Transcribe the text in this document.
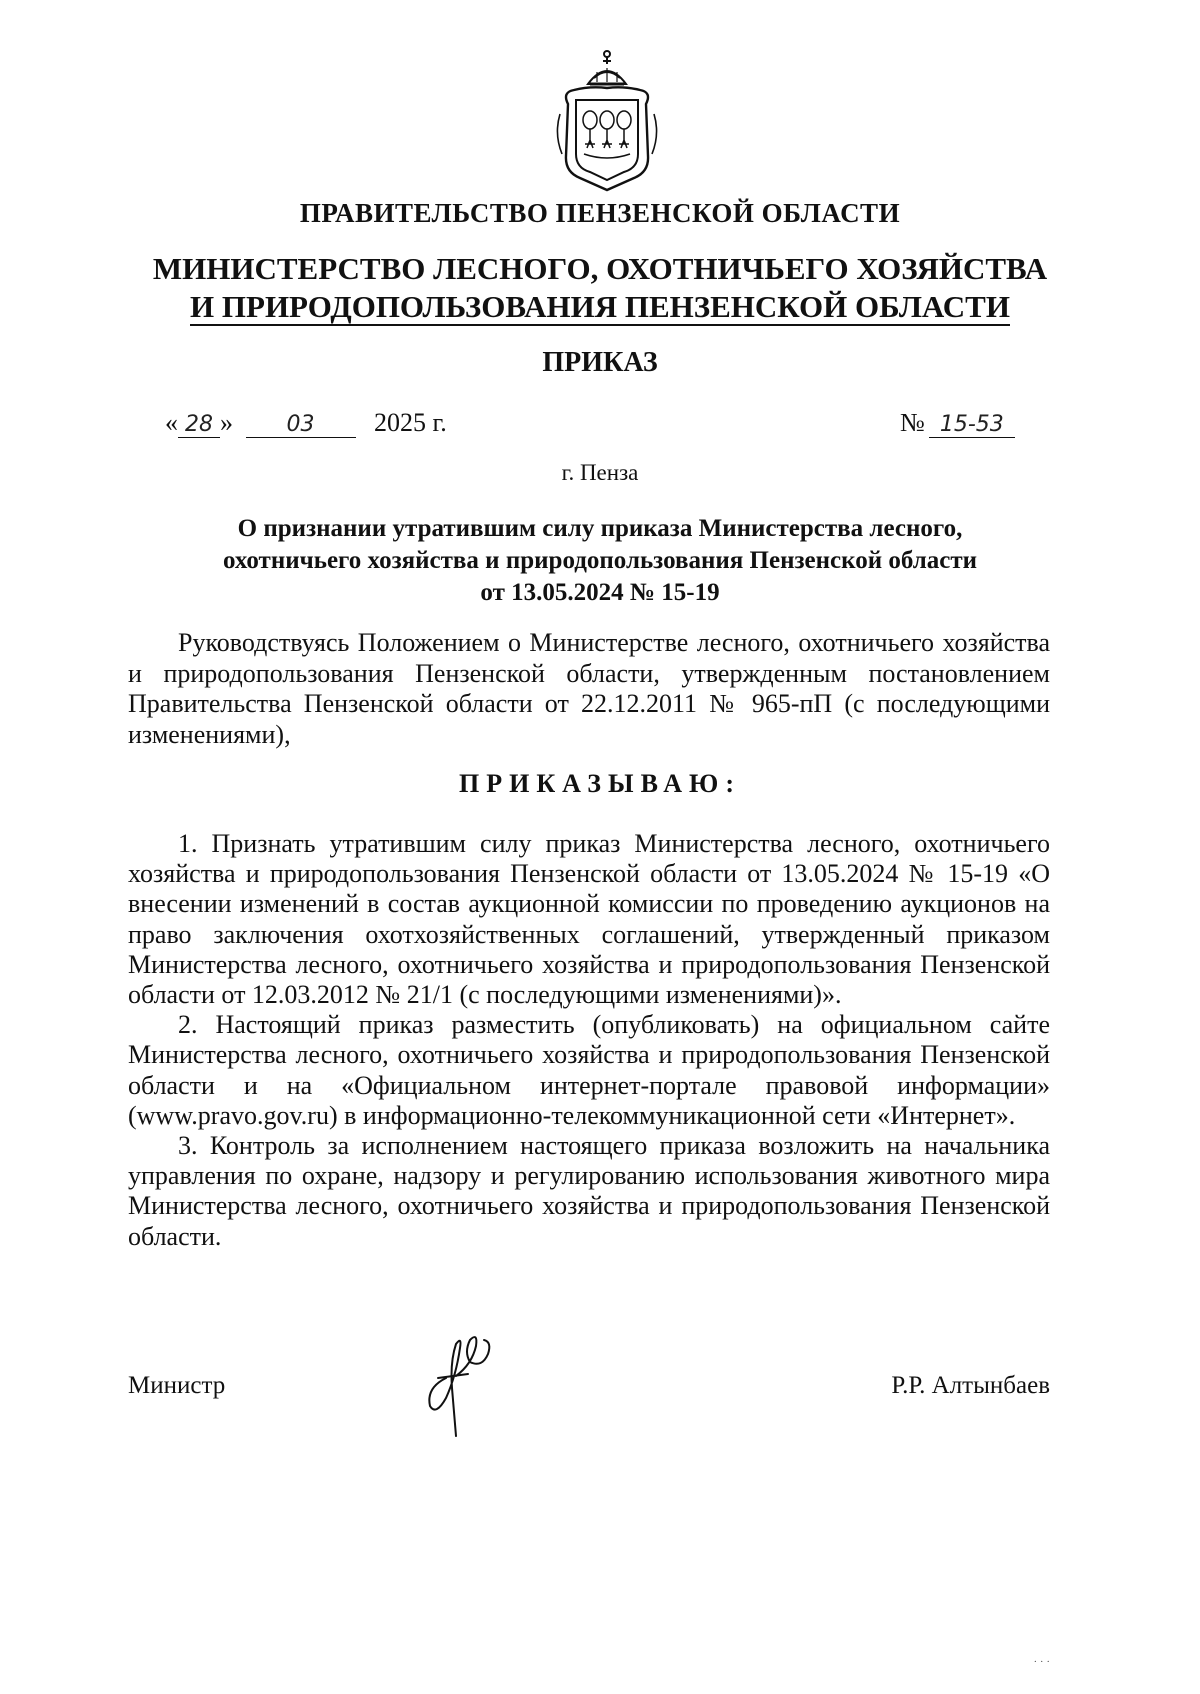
ПРАВИТЕЛЬСТВО ПЕНЗЕНСКОЙ ОБЛАСТИ
МИНИСТЕРСТВО ЛЕСНОГО, ОХОТНИЧЬЕГО ХОЗЯЙСТВА
И ПРИРОДОПОЛЬЗОВАНИЯ ПЕНЗЕНСКОЙ ОБЛАСТИ
ПРИКАЗ
« 28 » 03 2025 г.	№ 15-53
г. Пенза
О признании утратившим силу приказа Министерства лесного,
охотничьего хозяйства и природопользования Пензенской области
от 13.05.2024 № 15-19
Руководствуясь Положением о Министерстве лесного, охотничьего хозяйства и природопользования Пензенской области, утвержденным постановлением Правительства Пензенской области от 22.12.2011 № 965-пП (с последующими изменениями),
ПРИКАЗЫВАЮ:

1. Признать утратившим силу приказ Министерства лесного, охотничьего хозяйства и природопользования Пензенской области от 13.05.2024 № 15-19 «О внесении изменений в состав аукционной комиссии по проведению аукционов на право заключения охотхозяйственных соглашений, утвержденный приказом Министерства лесного, охотничьего хозяйства и природопользования Пензенской области от 12.03.2012 № 21/1 (с последующими изменениями)».

2. Настоящий приказ разместить (опубликовать) на официальном сайте Министерства лесного, охотничьего хозяйства и природопользования Пензенской области и на «Официальном интернет-портале правовой информации» (www.pravo.gov.ru) в информационно-телекоммуникационной сети «Интернет».

3. Контроль за исполнением настоящего приказа возложить на начальника управления по охране, надзору и регулированию использования животного мира Министерства лесного, охотничьего хозяйства и природопользования Пензенской области.

Министр	Р.Р. Алтынбаев
· · ·
